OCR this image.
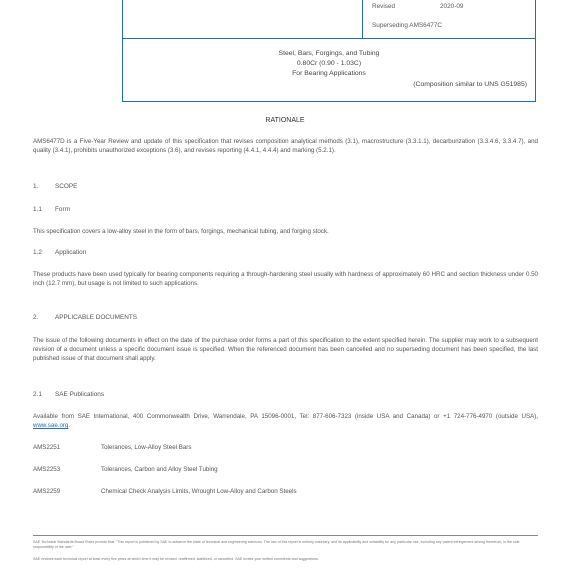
Revised	2020-09
Superseding AMS6477C
Steel, Bars, Forgings, and Tubing
0.80Cr (0.90 - 1.03C)
For Bearing Applications
(Composition similar to UNS G51985)
RATIONALE
AMS6477D is a Five-Year Review and update of this specification that revises composition analytical methods (3.1), macrostructure (3.3.1.1), decarburization (3.3.4.6, 3.3.4.7), and quality (3.4.1), prohibits unauthorized exceptions (3.6), and revises reporting (4.4.1, 4.4.4) and marking (5.2.1).
1.	SCOPE
1.1 Form
This specification covers a low-alloy steel in the form of bars, forgings, mechanical tubing, and forging stock.
1.2 Application
These products have been used typically for bearing components requiring a through-hardening steel usually with hardness of approximately 60 HRC and section thickness under 0.50 inch (12.7 mm), but usage is not limited to such applications.
2.	APPLICABLE DOCUMENTS
The issue of the following documents in effect on the date of the purchase order forms a part of this specification to the extent specified herein. The supplier may work to a subsequent revision of a document unless a specific document issue is specified. When the referenced document has been cancelled and no superseding document has been specified, the last published issue of that document shall apply.
2.1 SAE Publications
Available from SAE International, 400 Commonwealth Drive, Warrendale, PA 15096-0001, Tel: 877-606-7323 (inside USA and Canada) or +1 724-776-4970 (outside USA), www.sae.org.
AMS2251	Tolerances, Low-Alloy Steel Bars
AMS2253	Tolerances, Carbon and Alloy Steel Tubing
AMS2259	Chemical Check Analysis Limits, Wrought Low-Alloy and Carbon Steels
SAE Technical Standards Board Rules provide that: "This report is published by SAE to advance the state of technical and engineering sciences. The use of this report is entirely voluntary, and its applicability and suitability for any particular use, including any patent infringement arising therefrom, is the sole responsibility of the user."
SAE reviews each technical report at least every five years at which time it may be revised, reaffirmed, stabilized, or cancelled. SAE invites your written comments and suggestions.
